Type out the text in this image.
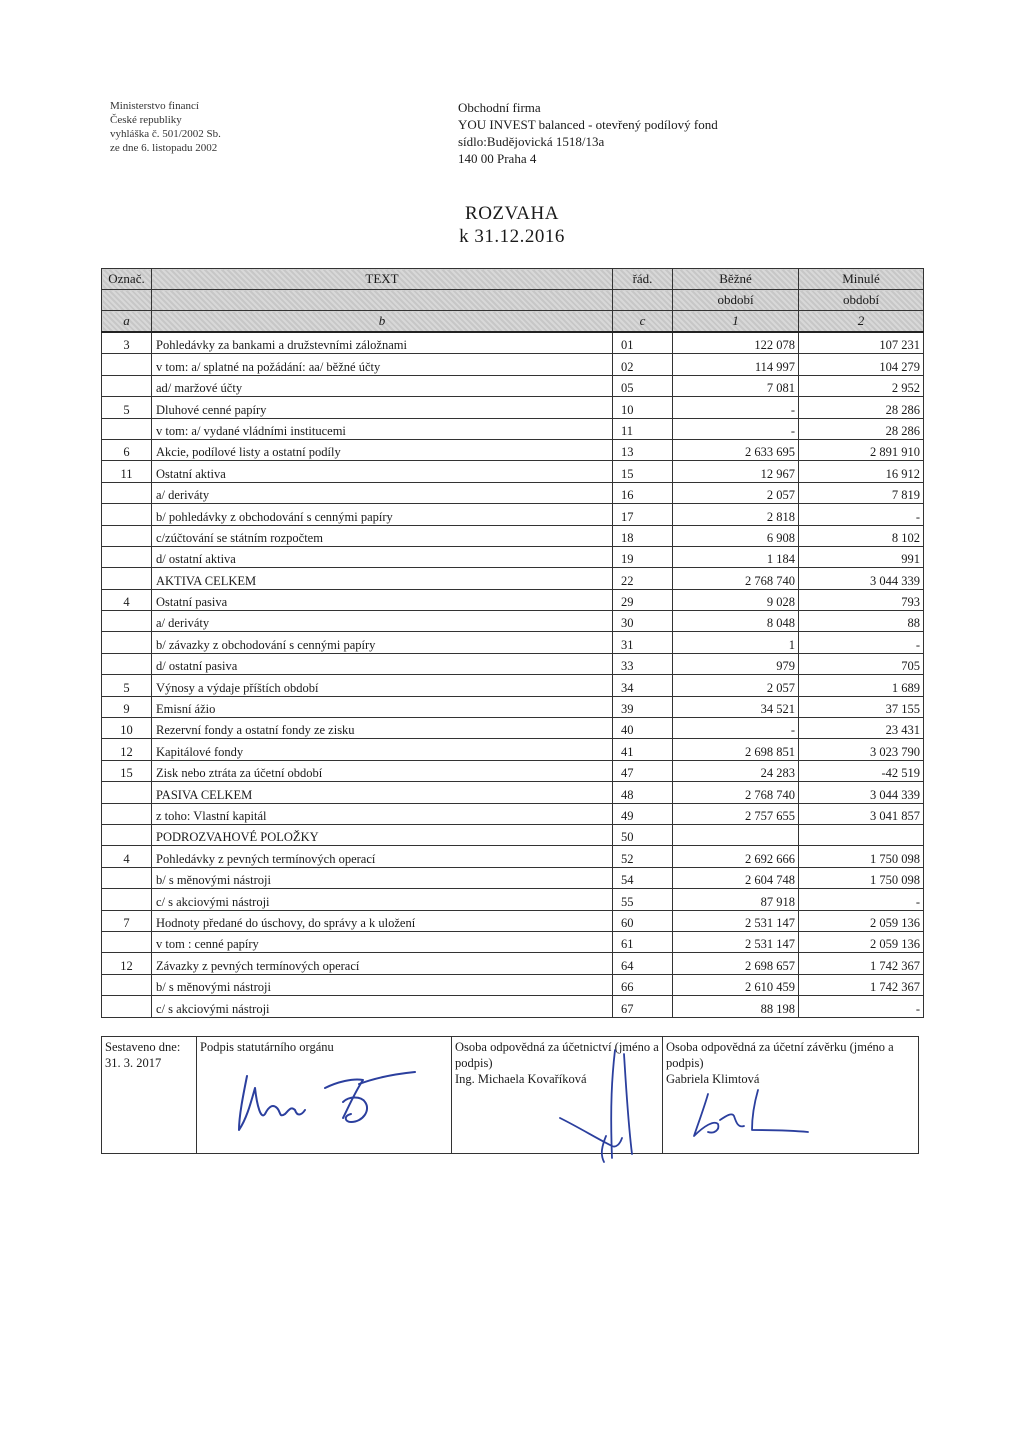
Ministerstvo financí
České republiky
vyhláška č. 501/2002 Sb.
ze dne 6. listopadu 2002
Obchodní firma
YOU INVEST balanced - otevřený podílový fond
sídlo:Budějovická 1518/13a
140 00 Praha 4
ROZVAHA
k 31.12.2016
Označ.	TEXT	řád.	Běžné	Minulé
			období	období
a	b	c	1	2
3	Pohledávky za bankami a družstevními záložnami	01	122 078	107 231
	v tom: a/ splatné na požádání: aa/ běžné účty	02	114 997	104 279
	ad/ maržové účty	05	7 081	2 952
5	Dluhové cenné papíry	10	-	28 286
	v tom: a/ vydané vládními institucemi	11	-	28 286
6	Akcie, podílové listy a ostatní podíly	13	2 633 695	2 891 910
11	Ostatní aktiva	15	12 967	16 912
	a/ deriváty	16	2 057	7 819
	b/ pohledávky z obchodování s cennými papíry	17	2 818	-
	c/zúčtování se státním rozpočtem	18	6 908	8 102
	d/ ostatní aktiva	19	1 184	991
	AKTIVA CELKEM	22	2 768 740	3 044 339
4	Ostatní pasiva	29	9 028	793
	a/ deriváty	30	8 048	88
	b/ závazky z obchodování s cennými papíry	31	1	-
	d/ ostatní pasiva	33	979	705
5	Výnosy a výdaje příštích období	34	2 057	1 689
9	Emisní ážio	39	34 521	37 155
10	Rezervní fondy a ostatní fondy ze zisku	40	-	23 431
12	Kapitálové fondy	41	2 698 851	3 023 790
15	Zisk nebo ztráta za účetní období	47	24 283	-42 519
	PASIVA CELKEM	48	2 768 740	3 044 339
	z toho: Vlastní kapitál	49	2 757 655	3 041 857
	PODROZVAHOVÉ POLOŽKY	50		
4	Pohledávky z pevných termínových operací	52	2 692 666	1 750 098
	b/ s měnovými nástroji	54	2 604 748	1 750 098
	c/ s akciovými nástroji	55	87 918	-
7	Hodnoty předané do úschovy, do správy a k uložení	60	2 531 147	2 059 136
	v tom : cenné papíry	61	2 531 147	2 059 136
12	Závazky z pevných termínových operací	64	2 698 657	1 742 367
	b/ s měnovými nástroji	66	2 610 459	1 742 367
	c/ s akciovými nástroji	67	88 198	-
Sestaveno dne:
31. 3. 2017

Podpis statutárního orgánu	Osoba odpovědná za účetnictví (jméno a podpis)
Ing. Michaela Kovaříková

Osoba odpovědná za účetní závěrku (jméno a podpis)
Gabriela Klimtová
